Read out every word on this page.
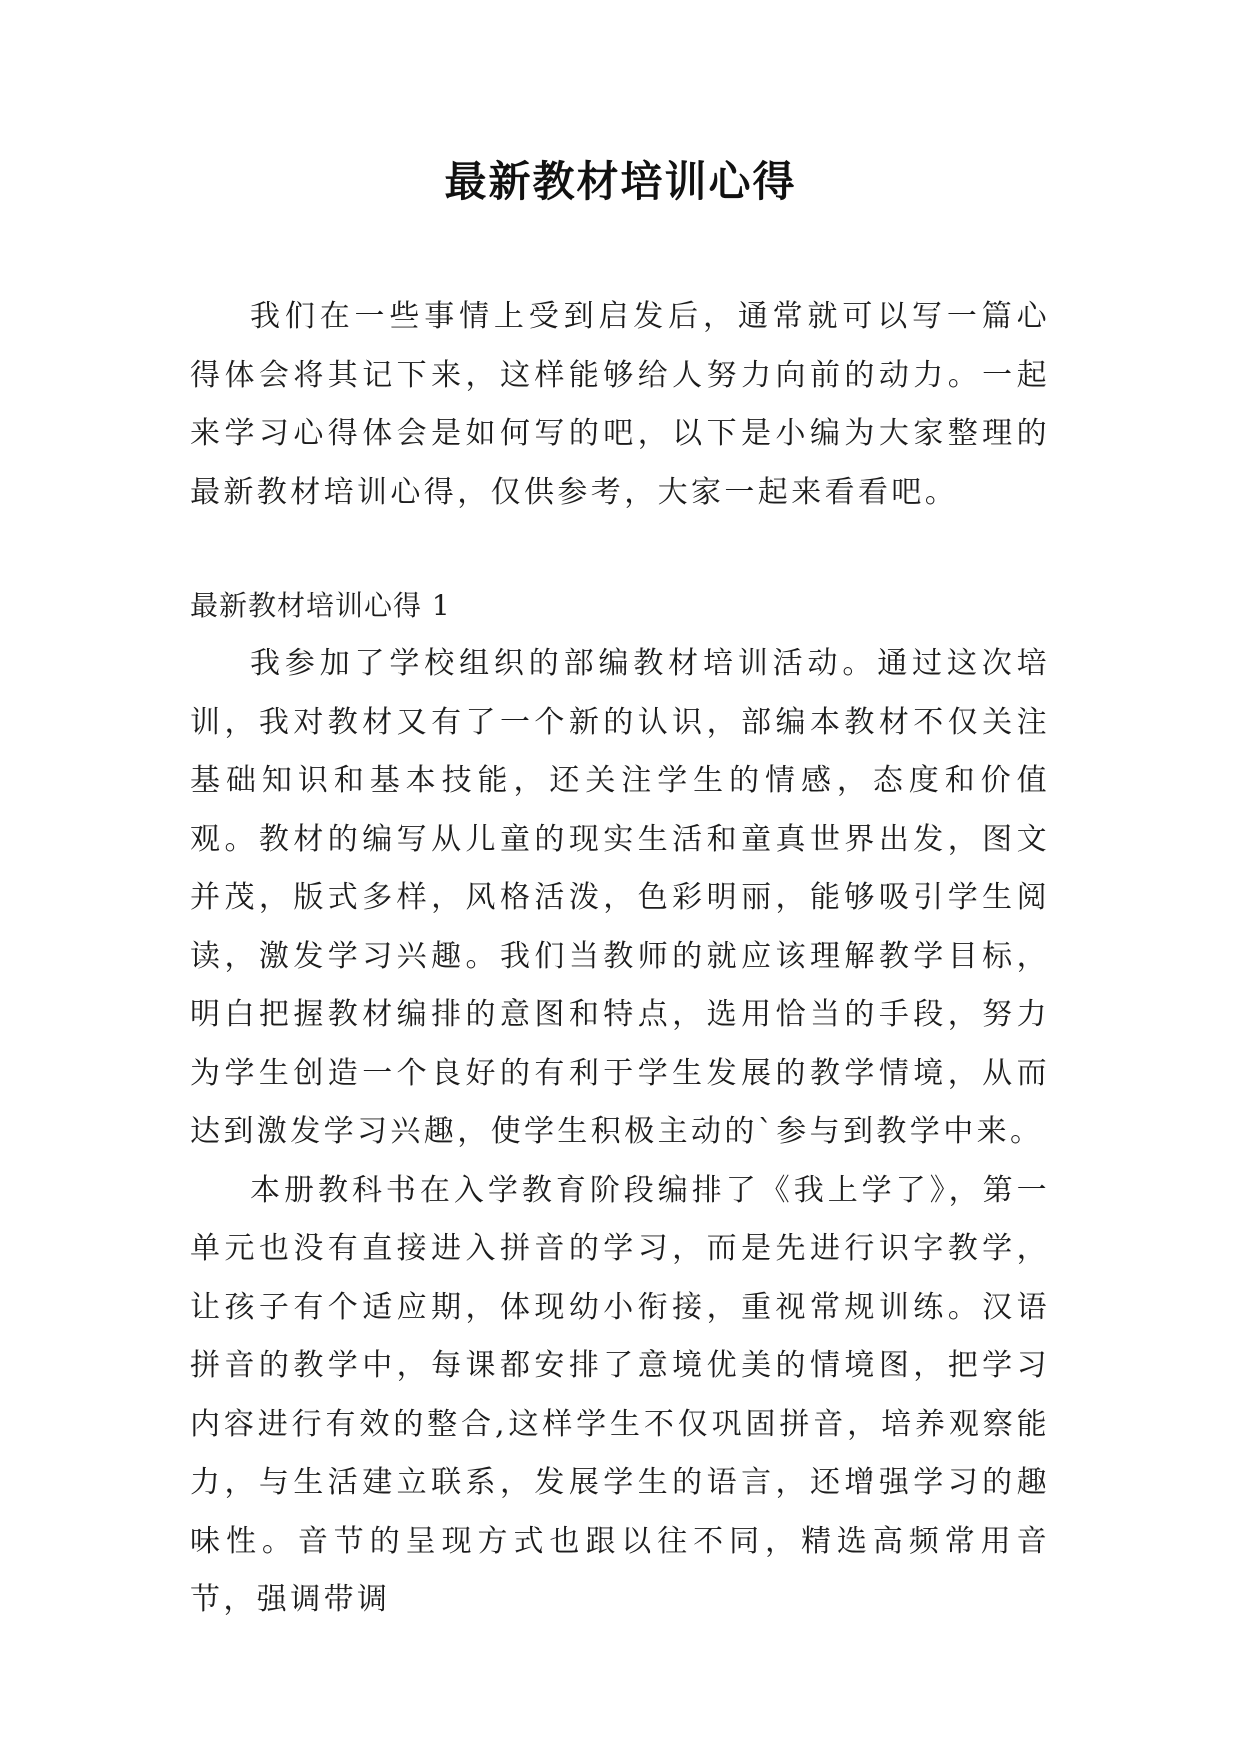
最新教材培训心得

我们在一些事情上受到启发后，通常就可以写一篇心得体会将其记下来，这样能够给人努力向前的动力。一起来学习心得体会是如何写的吧，以下是小编为大家整理的最新教材培训心得，仅供参考，大家一起来看看吧。

最新教材培训心得 1

我参加了学校组织的部编教材培训活动。通过这次培训，我对教材又有了一个新的认识，部编本教材不仅关注基础知识和基本技能，还关注学生的情感，态度和价值观。教材的编写从儿童的现实生活和童真世界出发，图文并茂，版式多样，风格活泼，色彩明丽，能够吸引学生阅读，激发学习兴趣。我们当教师的就应该理解教学目标，明白把握教材编排的意图和特点，选用恰当的手段，努力为学生创造一个良好的有利于学生发展的教学情境，从而达到激发学习兴趣，使学生积极主动的`参与到教学中来。

本册教科书在入学教育阶段编排了《我上学了》，第一单元也没有直接进入拼音的学习，而是先进行识字教学，让孩子有个适应期，体现幼小衔接，重视常规训练。汉语拼音的教学中，每课都安排了意境优美的情境图，把学习内容进行有效的整合,这样学生不仅巩固拼音，培养观察能力，与生活建立联系，发展学生的语言，还增强学习的趣味性。音节的呈现方式也跟以往不同，精选高频常用音节，强调带调
